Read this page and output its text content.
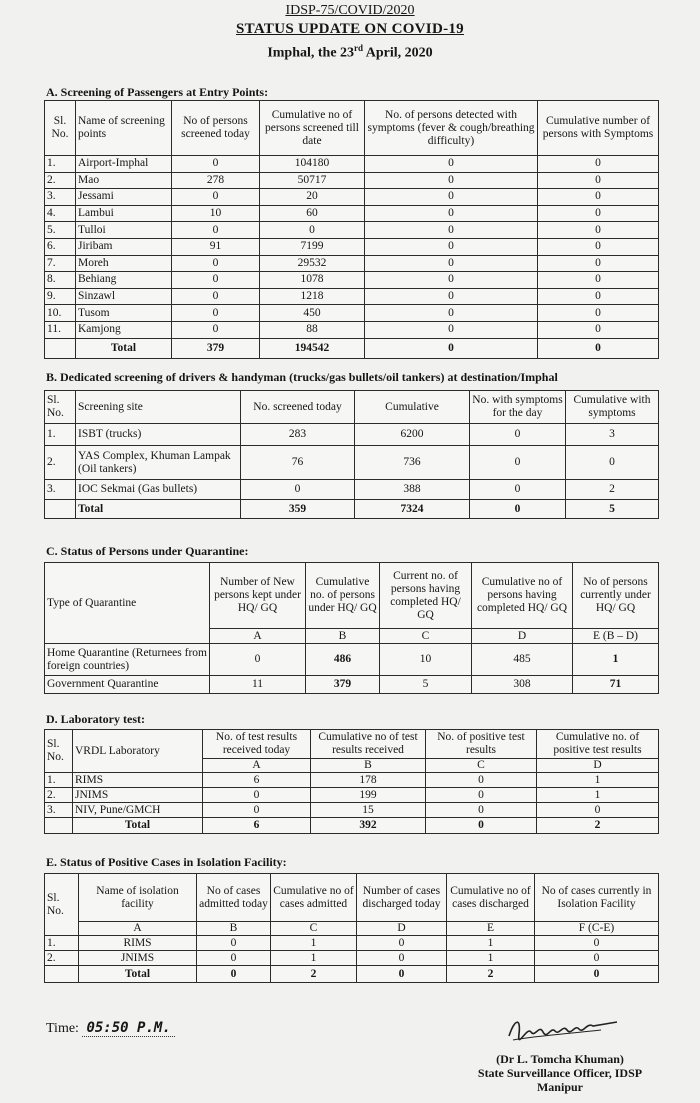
IDSP-75/COVID/2020
STATUS UPDATE ON COVID-19
Imphal, the 23rd April, 2020
A. Screening of Passengers at Entry Points:
Sl. No.	Name of screening points	No of persons screened today	Cumulative no of persons screened till date	No. of persons detected with symptoms (fever & cough/breathing difficulty)	Cumulative number of persons with Symptoms
1.	Airport-Imphal	0	104180	0	0
2.	Mao	278	50717	0	0
3.	Jessami	0	20	0	0
4.	Lambui	10	60	0	0
5.	Tulloi	0	0	0	0
6.	Jiribam	91	7199	0	0
7.	Moreh	0	29532	0	0
8.	Behiang	0	1078	0	0
9.	Sinzawl	0	1218	0	0
10.	Tusom	0	450	0	0
11.	Kamjong	0	88	0	0
	Total	379	194542	0	0
B. Dedicated screening of drivers & handyman (trucks/gas bullets/oil tankers) at destination/Imphal
Sl. No.	Screening site	No. screened today	Cumulative	No. with symptoms for the day	Cumulative with symptoms
1.	ISBT (trucks)	283	6200	0	3
2.	YAS Complex, Khuman Lampak (Oil tankers)	76	736	0	0
3.	IOC Sekmai (Gas bullets)	0	388	0	2
	Total	359	7324	0	5
C. Status of Persons under Quarantine:
Type of Quarantine	Number of New persons kept under HQ/ GQ	Cumulative no. of persons under HQ/ GQ	Current no. of persons having completed HQ/ GQ	Cumulative no of persons having completed HQ/ GQ	No of persons currently under HQ/ GQ
	A	B	C	D	E (B – D)
Home Quarantine (Returnees from foreign countries)	0	486	10	485	1
Government Quarantine	11	379	5	308	71
D. Laboratory test:
Sl. No.	VRDL Laboratory	No. of test results received today	Cumulative no of test results received	No. of positive test results	Cumulative no. of positive test results
		A	B	C	D
1.	RIMS	6	178	0	1
2.	JNIMS	0	199	0	1
3.	NIV, Pune/GMCH	0	15	0	0
	Total	6	392	0	2
E. Status of Positive Cases in Isolation Facility:
Sl. No.	Name of isolation facility	No of cases admitted today	Cumulative no of cases admitted	Number of cases discharged today	Cumulative no of cases discharged	No of cases currently in Isolation Facility
	A	B	C	D	E	F (C-E)
1.	RIMS	0	1	0	1	0
2.	JNIMS	0	1	0	1	0
	Total	0	2	0	2	0
Time: 05:50 P.M.
(Dr L. Tomcha Khuman)
State Surveillance Officer, IDSP
Manipur
